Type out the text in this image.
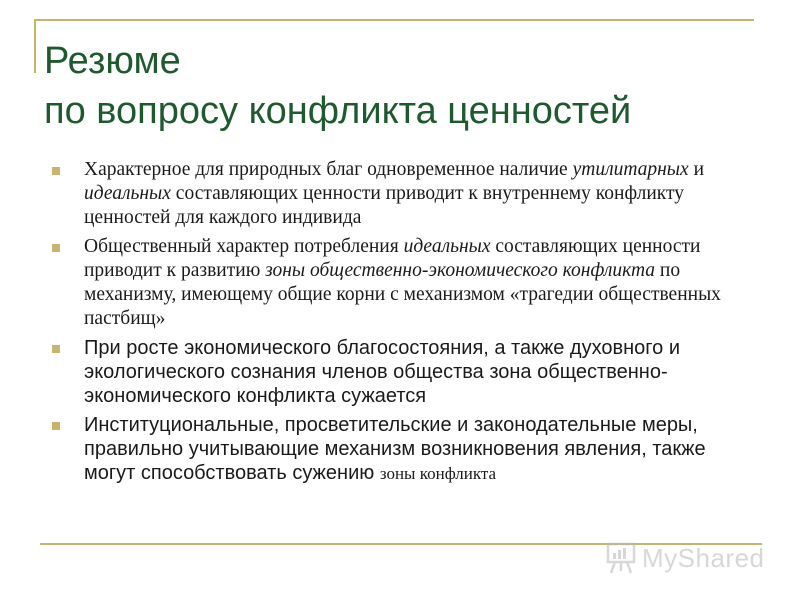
Резюме
по вопросу конфликта ценностей
Характерное для природных благ одновременное наличие утилитарных и идеальных составляющих ценности приводит к внутреннему конфликту ценностей для каждого индивида
Общественный характер потребления идеальных составляющих ценности приводит к развитию зоны общественно-экономического конфликта по механизму, имеющему общие корни с механизмом «трагедии общественных пастбищ»
При росте экономического благосостояния, а также духовного и экологического сознания членов общества зона общественно-экономического конфликта сужается
Институциональные, просветительские и законодательные меры, правильно учитывающие механизм возникновения явления, также могут способствовать сужению зоны конфликта
MyShared
